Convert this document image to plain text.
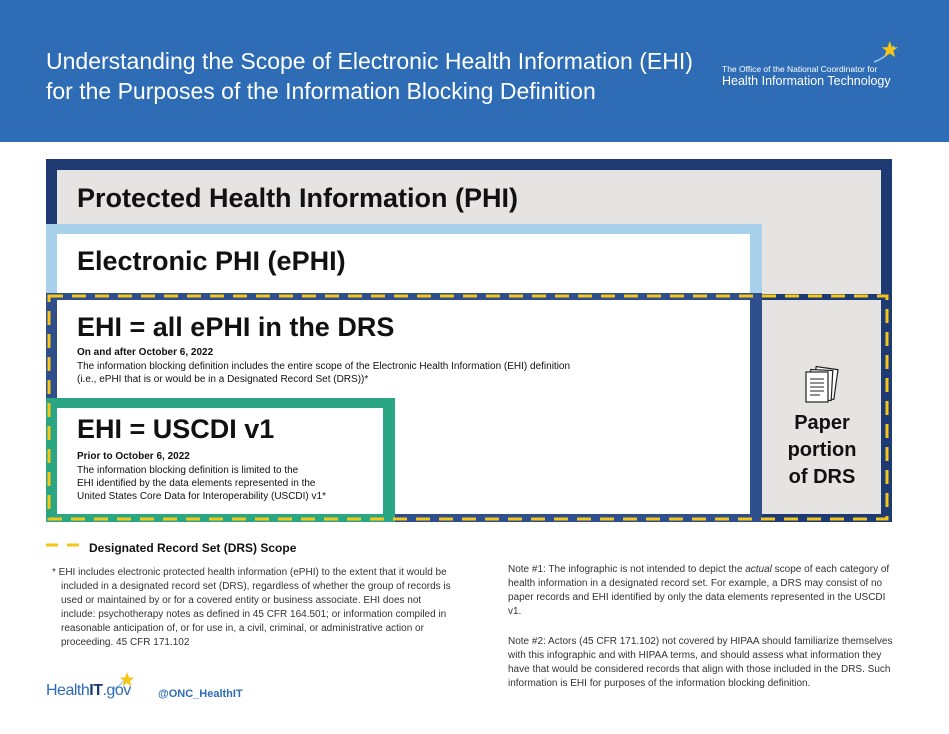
Understanding the Scope of Electronic Health Information (EHI)
for the Purposes of the Information Blocking Definition
The Office of the National Coordinator for
Health Information Technology
Protected Health Information (PHI)
Electronic PHI (ePHI)
EHI = all ePHI in the DRS
On and after October 6, 2022
The information blocking definition includes the entire scope of the Electronic Health Information (EHI) definition
(i.e., ePHI that is or would be in a Designated Record Set (DRS))*
Paper
portion
of DRS
EHI = USCDI v1
Prior to October 6, 2022
The information blocking definition is limited to the
EHI identified by the data elements represented in the
United States Core Data for Interoperability (USCDI) v1*
Designated Record Set (DRS) Scope
* EHI includes electronic protected health information (ePHI) to the extent that it would be included in a designated record set (DRS), regardless of whether the group of records is used or maintained by or for a covered entity or business associate. EHI does not include: psychotherapy notes as defined in 45 CFR 164.501; or information compiled in reasonable anticipation of, or for use in, a civil, criminal, or administrative action or proceeding. 45 CFR 171.102
Note #1: The infographic is not intended to depict the actual scope of each category of health information in a designated record set. For example, a DRS may consist of no paper records and EHI identified by only the data elements represented in the USCDI v1.
Note #2: Actors (45 CFR 171.102) not covered by HIPAA should familiarize themselves with this infographic and with HIPAA terms, and should assess what information they have that would be considered records that align with those included in the DRS. Such information is EHI for purposes of the information blocking definition.
HealthIT.gov @ONC_HealthIT
